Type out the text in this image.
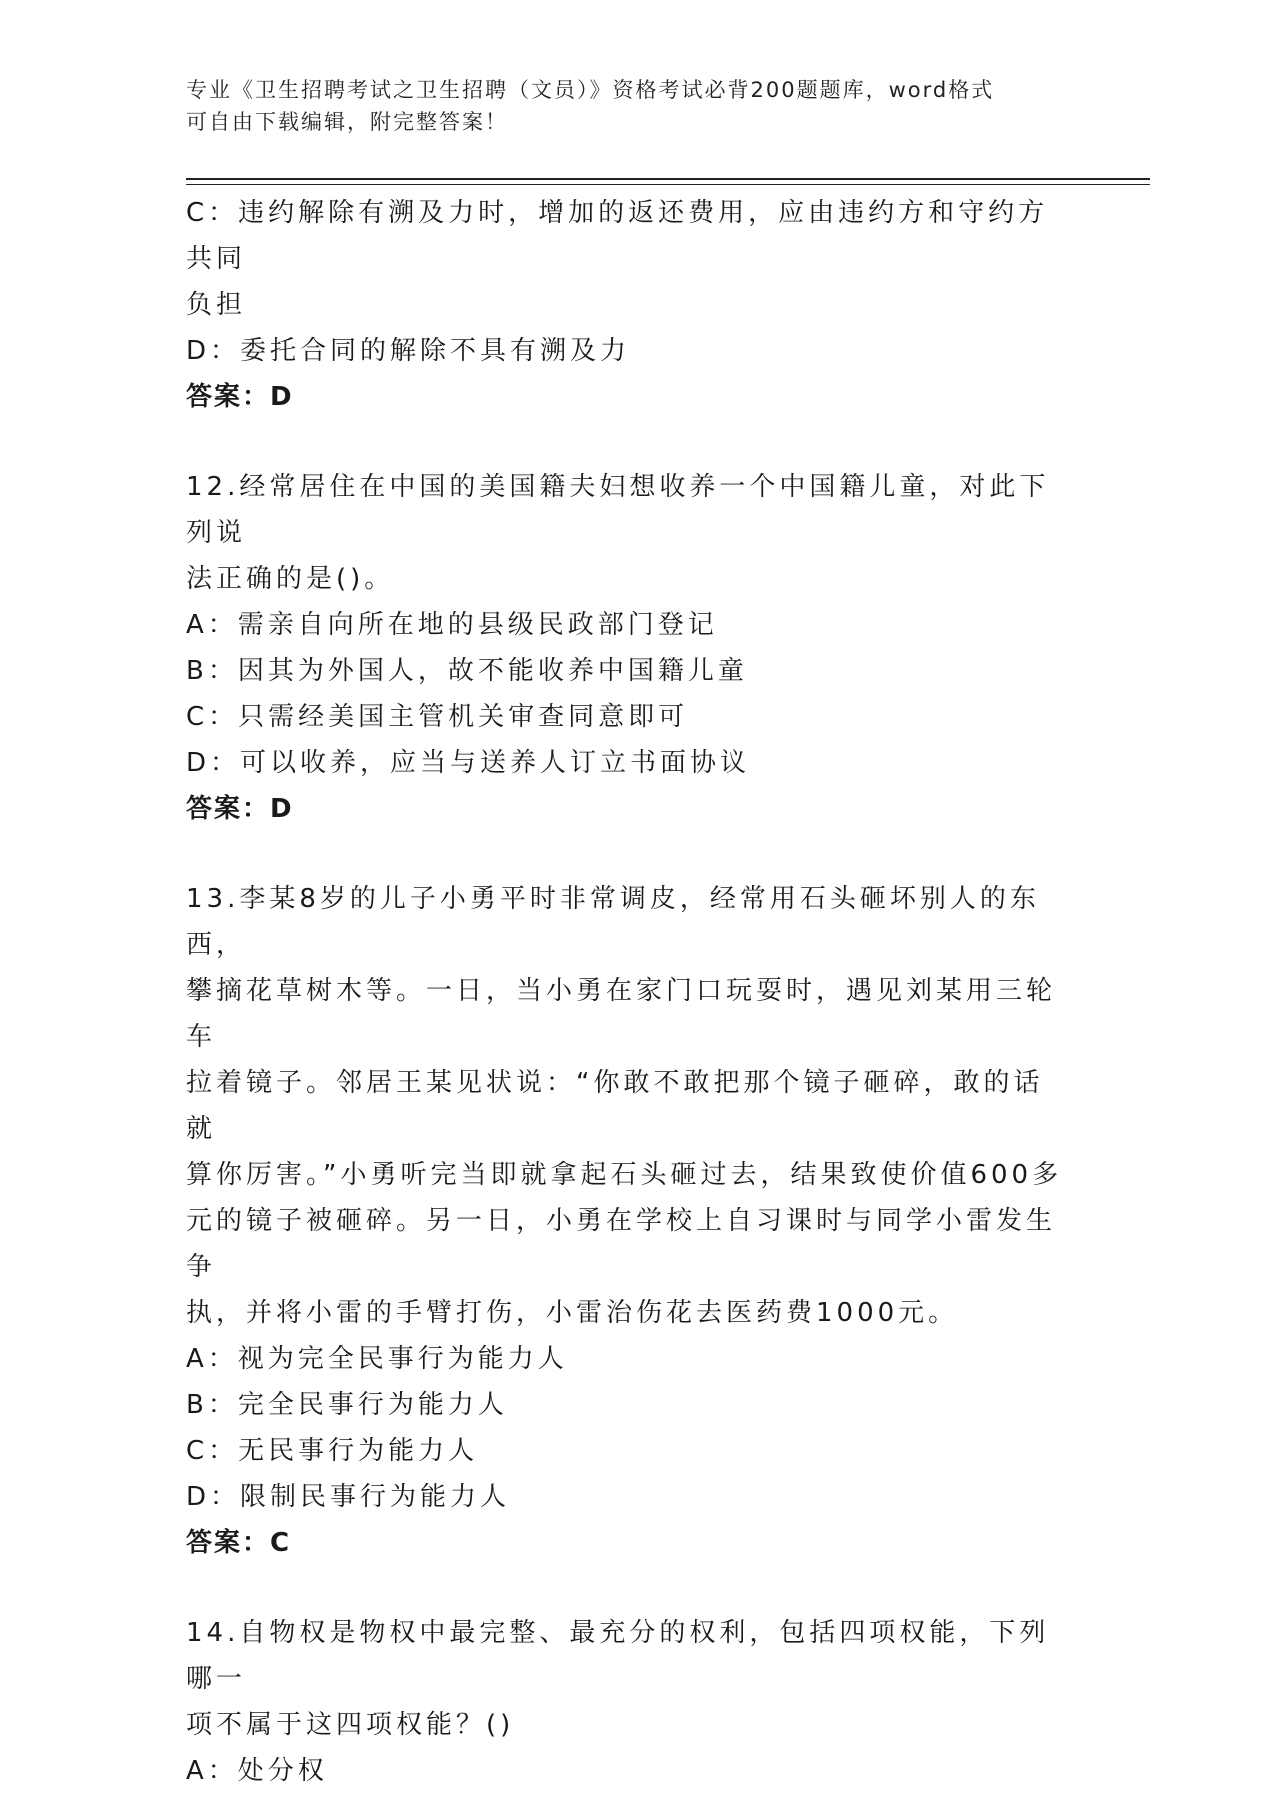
专业《卫生招聘考试之卫生招聘（文员）》资格考试必背200题题库，word格式
可自由下载编辑，附完整答案！
C：违约解除有溯及力时，增加的返还费用，应由违约方和守约方共同
负担
D：委托合同的解除不具有溯及力
答案：D
12.经常居住在中国的美国籍夫妇想收养一个中国籍儿童，对此下列说
法正确的是()。
A：需亲自向所在地的县级民政部门登记
B：因其为外国人，故不能收养中国籍儿童
C：只需经美国主管机关审查同意即可
D：可以收养，应当与送养人订立书面协议
答案：D
13.李某8岁的儿子小勇平时非常调皮，经常用石头砸坏别人的东西，
攀摘花草树木等。一日，当小勇在家门口玩耍时，遇见刘某用三轮车
拉着镜子。邻居王某见状说：“你敢不敢把那个镜子砸碎，敢的话就
算你厉害。”小勇听完当即就拿起石头砸过去，结果致使价值600多
元的镜子被砸碎。另一日，小勇在学校上自习课时与同学小雷发生争
执，并将小雷的手臂打伤，小雷治伤花去医药费1000元。
A：视为完全民事行为能力人
B：完全民事行为能力人
C：无民事行为能力人
D：限制民事行为能力人
答案：C
14.自物权是物权中最完整、最充分的权利，包括四项权能，下列哪一
项不属于这四项权能？()
A：处分权
